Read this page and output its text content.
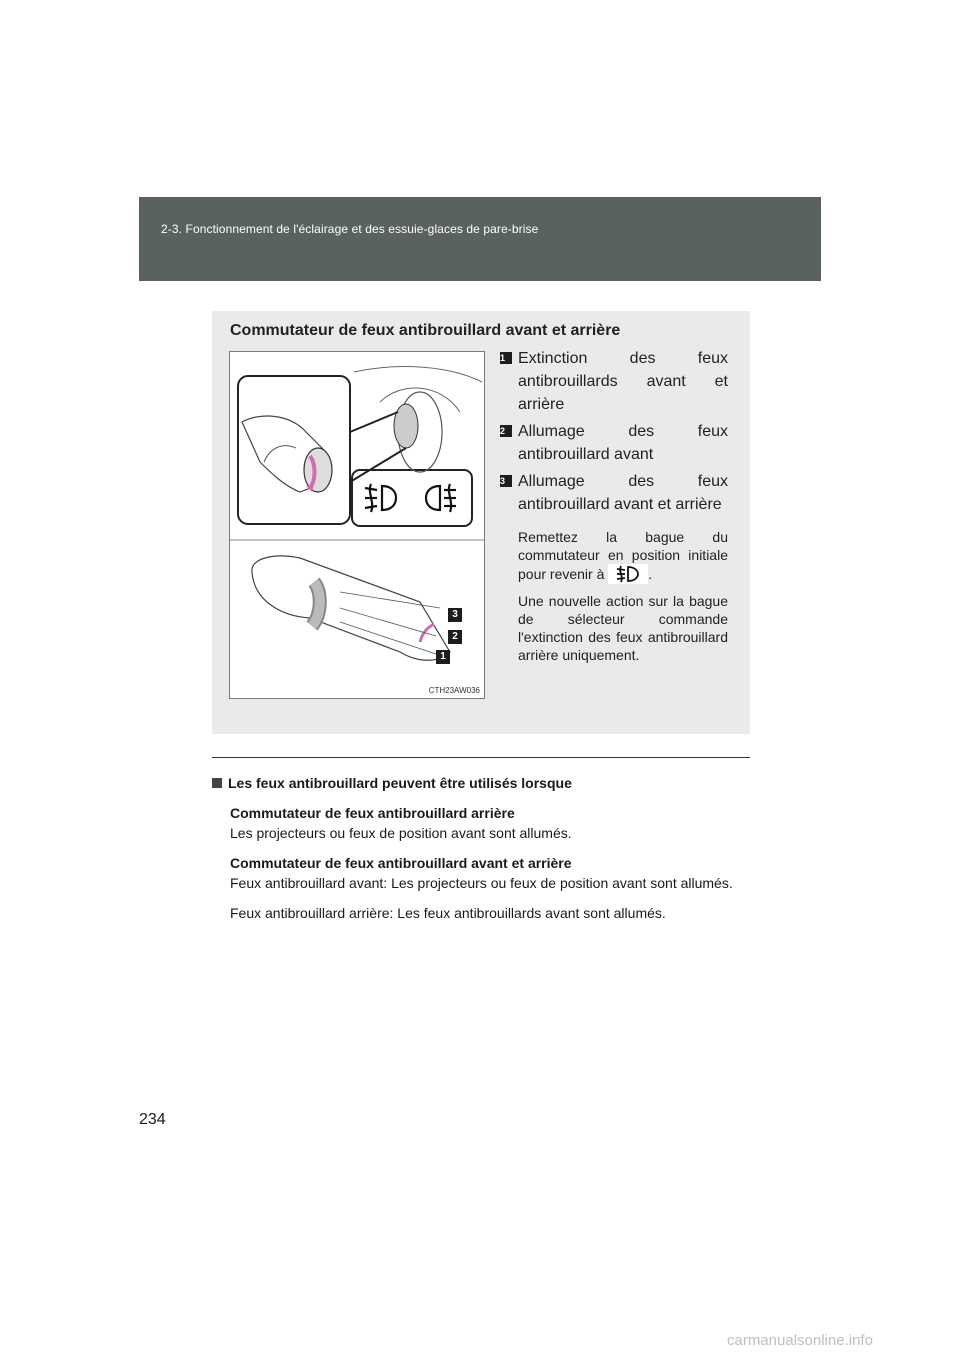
2-3. Fonctionnement de l'éclairage et des essuie-glaces de pare-brise
Commutateur de feux antibrouillard avant et arrière
3
2
1
CTH23AW036
1 Extinction des feux antibrouillards avant et arrière
2 Allumage des feux antibrouillard avant
3 Allumage des feux antibrouillard avant et arrière
Remettez la bague du commutateur en position initiale pour revenir à	.
Une nouvelle action sur la bague de sélecteur commande l'extinction des feux antibrouillard arrière uniquement.
Les feux antibrouillard peuvent être utilisés lorsque
Commutateur de feux antibrouillard arrière
Les projecteurs ou feux de position avant sont allumés.
Commutateur de feux antibrouillard avant et arrière
Feux antibrouillard avant: Les projecteurs ou feux de position avant sont allumés.
Feux antibrouillard arrière: Les feux antibrouillards avant sont allumés.
234
carmanualsonline.info
